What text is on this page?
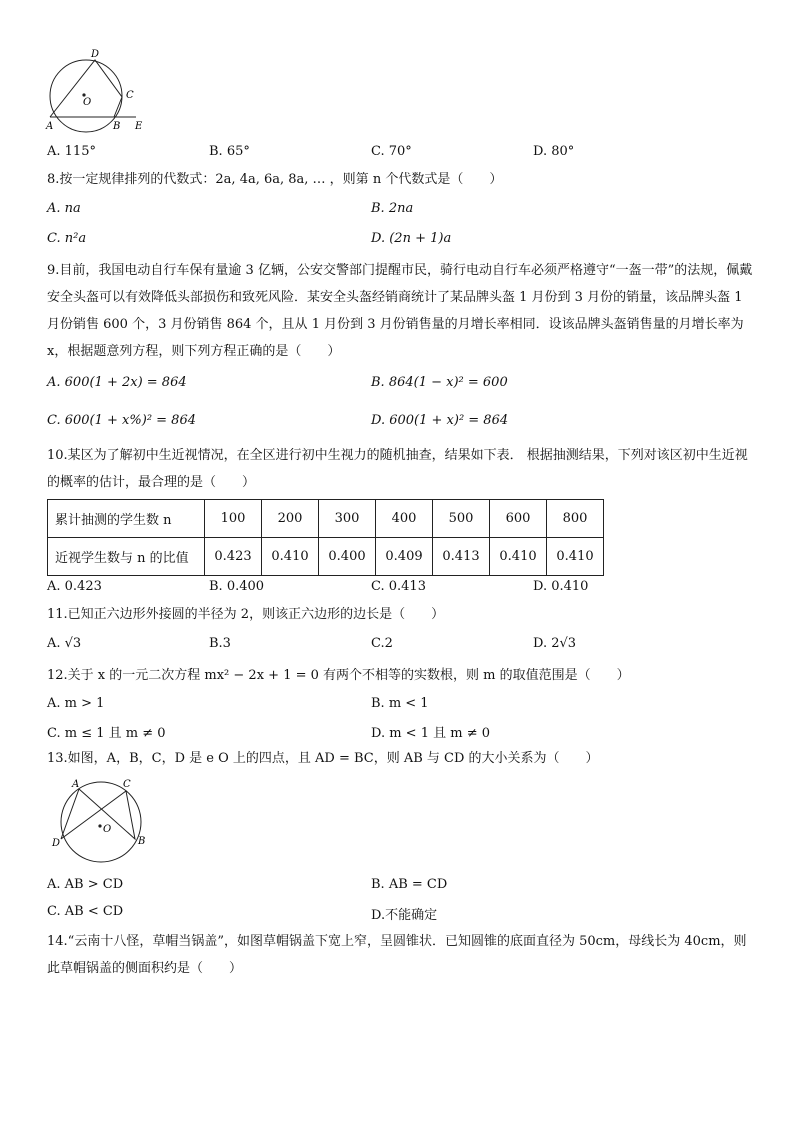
D
O
C
A	B E
A. 115°	B. 65°	C. 70°	D. 80°
8.按一定规律排列的代数式：2a, 4a, 6a, 8a, … ，则第 n 个代数式是（　　）
A. na	B. 2na
C. n²a	D. (2n + 1)a
9.目前，我国电动自行车保有量逾 3 亿辆，公安交警部门提醒市民，骑行电动自行车必须严格遵守“一盔一带”的法规，佩戴安全头盔可以有效降低头部损伤和致死风险．某安全头盔经销商统计了某品牌头盔 1 月份到 3 月份的销量，该品牌头盔 1 月份销售 600 个，3 月份销售 864 个，且从 1 月份到 3 月份销售量的月增长率相同．设该品牌头盔销售量的月增长率为 x，根据题意列方程，则下列方程正确的是（　　）
A. 600(1 + 2x) = 864	B. 864(1 − x)² = 600
C. 600(1 + x%)² = 864	D. 600(1 + x)² = 864
10.某区为了解初中生近视情况，在全区进行初中生视力的随机抽查，结果如下表． 根据抽测结果，下列对该区初中生近视的概率的估计，最合理的是（　　）
累计抽测的学生数 n	100	200	300	400	500	600	800
近视学生数与 n 的比值	0.423	0.410	0.400	0.409	0.413	0.410	0.410
A. 0.423	B. 0.400	C. 0.413	D. 0.410
11.已知正六边形外接圆的半径为 2，则该正六边形的边长是（　　）
A. √3	B.3	C.2	D. 2√3
12.关于 x 的一元二次方程 mx² − 2x + 1 = 0 有两个不相等的实数根，则 m 的取值范围是（　　）
A. m > 1	B. m < 1
C. m ≤ 1 且 m ≠ 0	D. m < 1 且 m ≠ 0
13.如图，A，B，C，D 是 e O 上的四点，且 AD = BC，则 AB 与 CD 的大小关系为（　　）
A	C
O
D	B
A. AB > CD	B. AB = CD
C. AB < CD	D.不能确定
14.“云南十八怪，草帽当锅盖”，如图草帽锅盖下宽上窄，呈圆锥状．已知圆锥的底面直径为 50cm，母线长为 40cm，则此草帽锅盖的侧面积约是（　　）
